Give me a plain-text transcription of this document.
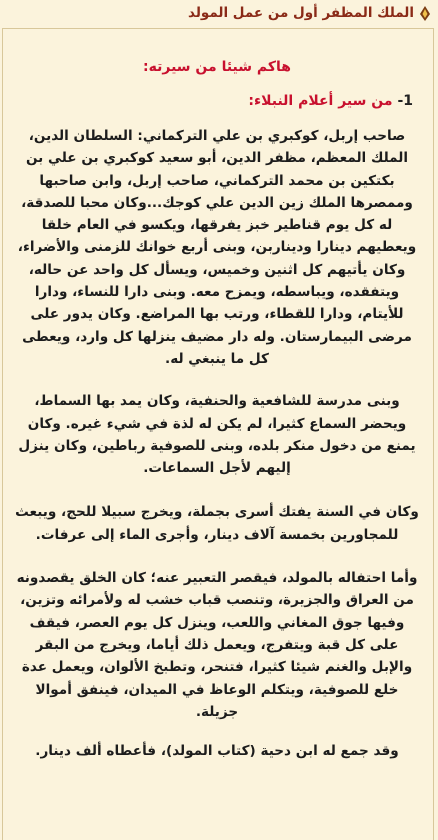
الملك المظفر أول من عمل المولد
هاكم شيئا من سيرته:
1- من سير أعلام النبلاء:

صاحب إربل، كوكبري بن علي التركماني: السلطان الدين، الملك المعظم، مظفر الدين، أبو سعيد كوكبري بن علي بن بكتكين بن محمد التركماني، صاحب إربل، وابن صاحبها وممصرها الملك زين الدين علي كوجك...وكان محبا للصدقة، له كل يوم قناطير خبز يفرقها، ويكسو في العام خلقا ويعطيهم دينارا وديناربن، وبنى أربع خوانك للزمنى والأضراء، وكان يأتيهم كل اثنين وخميس، ويسأل كل واحد عن حاله، ويتفقده، ويباسطه، ويمزح معه. وبنى دارا للنساء، ودارا للأيتام، ودارا للقطاء، ورتب بها المراضع. وكان يدور على مرضى البيمارستان. وله دار مضيف ينزلها كل وارد، ويعطى كل ما ينبغي له.

وبنى مدرسة للشافعية والحنفية، وكان يمد بها السماط، ويحضر السماع كثيرا، لم يكن له لذة في شيء غيره. وكان يمنع من دخول منكر بلده، وبنى للصوفية رباطين، وكان ينزل إليهم لأجل السماعات.

وكان في السنة يفتك أسرى بجملة، ويخرج سبيلا للحج، ويبعث للمجاورين بخمسة آلاف دينار، وأجرى الماء إلى عرفات.

وأما احتفاله بالمولد، فيقصر التعبير عنه؛ كان الخلق يقصدونه من العراق والجزيرة، وتنصب قباب خشب له ولأمرائه وتزين، وفيها جوق المغاني واللعب، وينزل كل يوم العصر، فيقف على كل قبة ويتفرج، ويعمل ذلك أياما، ويخرج من البقر والإبل والغنم شيئا كثيرا، فتنحر، وتطبخ الألوان، ويعمل عدة خلع للصوفية، ويتكلم الوعاظ في الميدان، فينفق أموالا جزيلة.

وقد جمع له ابن دحية (كتاب المولد)، فأعطاه ألف دينار.
